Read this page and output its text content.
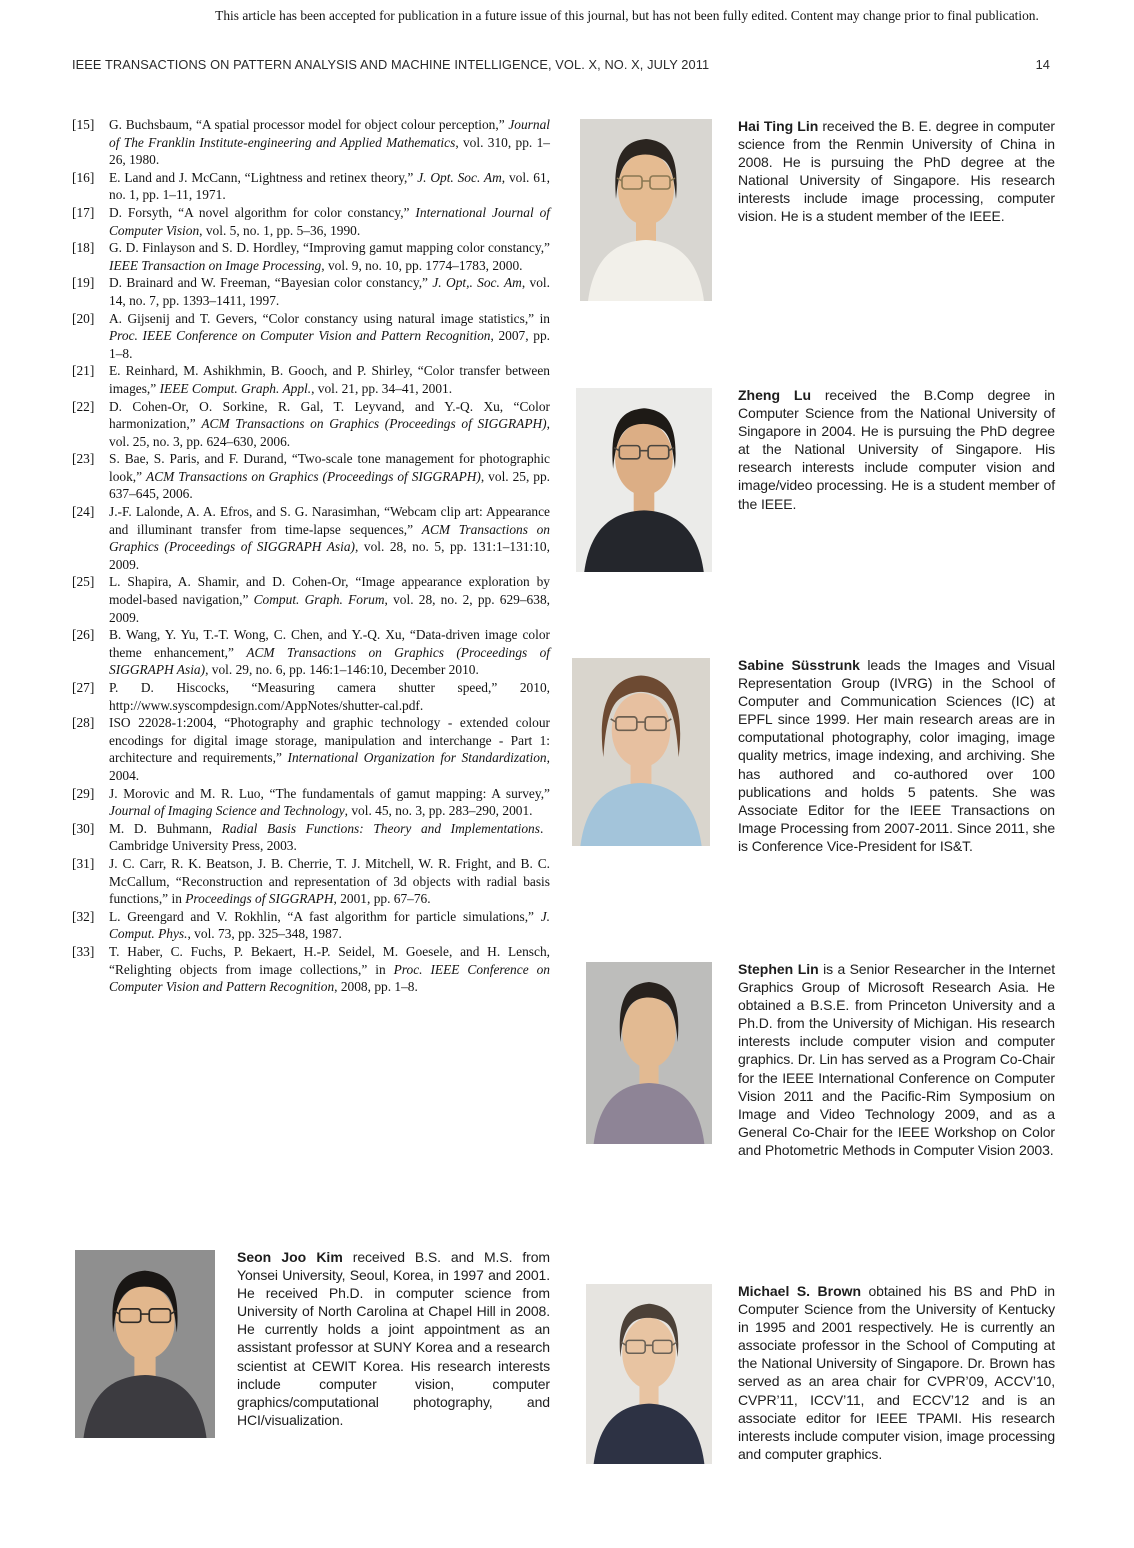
This article has been accepted for publication in a future issue of this journal, but has not been fully edited. Content may change prior to final publication.
IEEE TRANSACTIONS ON PATTERN ANALYSIS AND MACHINE INTELLIGENCE, VOL. X, NO. X, JULY 2011	14
[15] G. Buchsbaum, “A spatial processor model for object colour perception,” Journal of The Franklin Institute-engineering and Applied Mathematics, vol. 310, pp. 1–26, 1980.
[16] E. Land and J. McCann, “Lightness and retinex theory,” J. Opt. Soc. Am, vol. 61, no. 1, pp. 1–11, 1971.
[17] D. Forsyth, “A novel algorithm for color constancy,” International Journal of Computer Vision, vol. 5, no. 1, pp. 5–36, 1990.
[18] G. D. Finlayson and S. D. Hordley, “Improving gamut mapping color constancy,” IEEE Transaction on Image Processing, vol. 9, no. 10, pp. 1774–1783, 2000.
[19] D. Brainard and W. Freeman, “Bayesian color constancy,” J. Opt,. Soc. Am, vol. 14, no. 7, pp. 1393–1411, 1997.
[20] A. Gijsenij and T. Gevers, “Color constancy using natural image statistics,” in Proc. IEEE Conference on Computer Vision and Pattern Recognition, 2007, pp. 1–8.
[21] E. Reinhard, M. Ashikhmin, B. Gooch, and P. Shirley, “Color transfer between images,” IEEE Comput. Graph. Appl., vol. 21, pp. 34–41, 2001.
[22] D. Cohen-Or, O. Sorkine, R. Gal, T. Leyvand, and Y.-Q. Xu, “Color harmonization,” ACM Transactions on Graphics (Proceedings of SIGGRAPH), vol. 25, no. 3, pp. 624–630, 2006.
[23] S. Bae, S. Paris, and F. Durand, “Two-scale tone management for photographic look,” ACM Transactions on Graphics (Proceedings of SIGGRAPH), vol. 25, pp. 637–645, 2006.
[24] J.-F. Lalonde, A. A. Efros, and S. G. Narasimhan, “Webcam clip art: Appearance and illuminant transfer from time-lapse sequences,” ACM Transactions on Graphics (Proceedings of SIGGRAPH Asia), vol. 28, no. 5, pp. 131:1–131:10, 2009.
[25] L. Shapira, A. Shamir, and D. Cohen-Or, “Image appearance exploration by model-based navigation,” Comput. Graph. Forum, vol. 28, no. 2, pp. 629–638, 2009.
[26] B. Wang, Y. Yu, T.-T. Wong, C. Chen, and Y.-Q. Xu, “Data-driven image color theme enhancement,” ACM Transactions on Graphics (Proceedings of SIGGRAPH Asia), vol. 29, no. 6, pp. 146:1–146:10, December 2010.
[27] P. D. Hiscocks, “Measuring camera shutter speed,” 2010, http://www.syscompdesign.com/AppNotes/shutter-cal.pdf.
[28] ISO 22028-1:2004, “Photography and graphic technology - extended colour encodings for digital image storage, manipulation and interchange - Part 1: architecture and requirements,” International Organization for Standardization, 2004.
[29] J. Morovic and M. R. Luo, “The fundamentals of gamut mapping: A survey,” Journal of Imaging Science and Technology, vol. 45, no. 3, pp. 283–290, 2001.
[30] M. D. Buhmann, Radial Basis Functions: Theory and Implementations.  Cambridge University Press, 2003.
[31] J. C. Carr, R. K. Beatson, J. B. Cherrie, T. J. Mitchell, W. R. Fright, and B. C. McCallum, “Reconstruction and representation of 3d objects with radial basis functions,” in Proceedings of SIGGRAPH, 2001, pp. 67–76.
[32] L. Greengard and V. Rokhlin, “A fast algorithm for particle simulations,” J. Comput. Phys., vol. 73, pp. 325–348, 1987.
[33] T. Haber, C. Fuchs, P. Bekaert, H.-P. Seidel, M. Goesele, and H. Lensch, “Relighting objects from image collections,” in Proc. IEEE Conference on Computer Vision and Pattern Recognition, 2008, pp. 1–8.

Hai Ting Lin received the B. E. degree in computer science from the Renmin University of China in 2008. He is pursuing the PhD degree at the National University of Singapore. His research interests include image processing, computer vision. He is a student member of the IEEE.

Zheng Lu received the B.Comp degree in Computer Science from the National University of Singapore in 2004. He is pursuing the PhD degree at the National University of Singapore. His research interests include computer vision and image/video processing. He is a student member of the IEEE.

Sabine Süsstrunk leads the Images and Visual Representation Group (IVRG) in the School of Computer and Communication Sciences (IC) at EPFL since 1999. Her main research areas are in computational photography, color imaging, image quality metrics, image indexing, and archiving. She has authored and co-authored over 100 publications and holds 5 patents. She was Associate Editor for the IEEE Transactions on Image Processing from 2007-2011. Since 2011, she is Conference Vice-President for IS&T.

Stephen Lin is a Senior Researcher in the Internet Graphics Group of Microsoft Research Asia. He obtained a B.S.E. from Princeton University and a Ph.D. from the University of Michigan. His research interests include computer vision and computer graphics. Dr. Lin has served as a Program Co-Chair for the IEEE International Conference on Computer Vision 2011 and the Pacific-Rim Symposium on Image and Video Technology 2009, and as a General Co-Chair for the IEEE Workshop on Color and Photometric Methods in Computer Vision 2003.

Seon Joo Kim received B.S. and M.S. from Yonsei University, Seoul, Korea, in 1997 and 2001. He received Ph.D. in computer science from University of North Carolina at Chapel Hill in 2008. He currently holds a joint appointment as an assistant professor at SUNY Korea and a research scientist at CEWIT Korea. His research interests include computer vision, computer graphics/computational photography, and HCI/visualization.

Michael S. Brown obtained his BS and PhD in Computer Science from the University of Kentucky in 1995 and 2001 respectively. He is currently an associate professor in the School of Computing at the National University of Singapore. Dr. Brown has served as an area chair for CVPR’09, ACCV’10, CVPR’11, ICCV’11, and ECCV’12 and is an associate editor for IEEE TPAMI. His research interests include computer vision, image processing and computer graphics.
